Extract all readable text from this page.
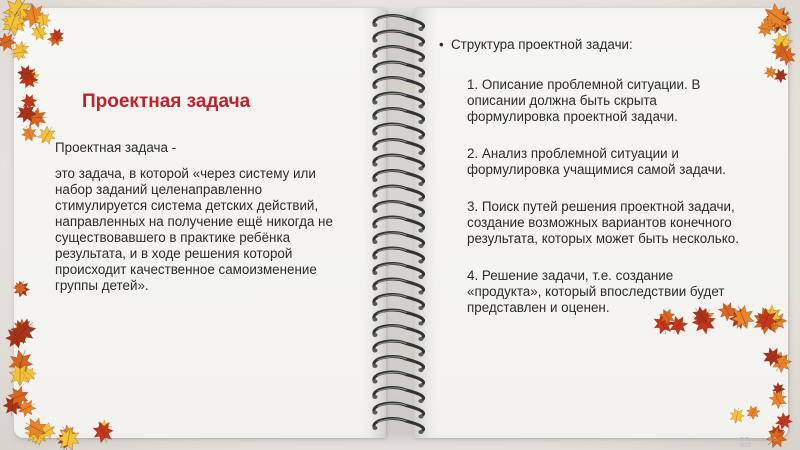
Проектная задача

Проектная задача -

это задача, в которой «через систему или набор заданий целенаправленно стимулируется система детских действий, направленных на получение ещё никогда не существовавшего в практике ребёнка результата, и в ходе решения которой происходит качественное самоизменение группы детей».

• Структура проектной задачи:

1. Описание проблемной ситуации. В описании должна быть скрыта формулировка проектной задачи.

2. Анализ проблемной ситуации и формулировка учащимися самой задачи.

3. Поиск путей решения проектной задачи, создание возможных вариантов конечного результата, которых может быть несколько.

4. Решение задачи, т.е. создание «продукта», который впоследствии будет представлен и оценен.

© Потапова В.В.
2016
